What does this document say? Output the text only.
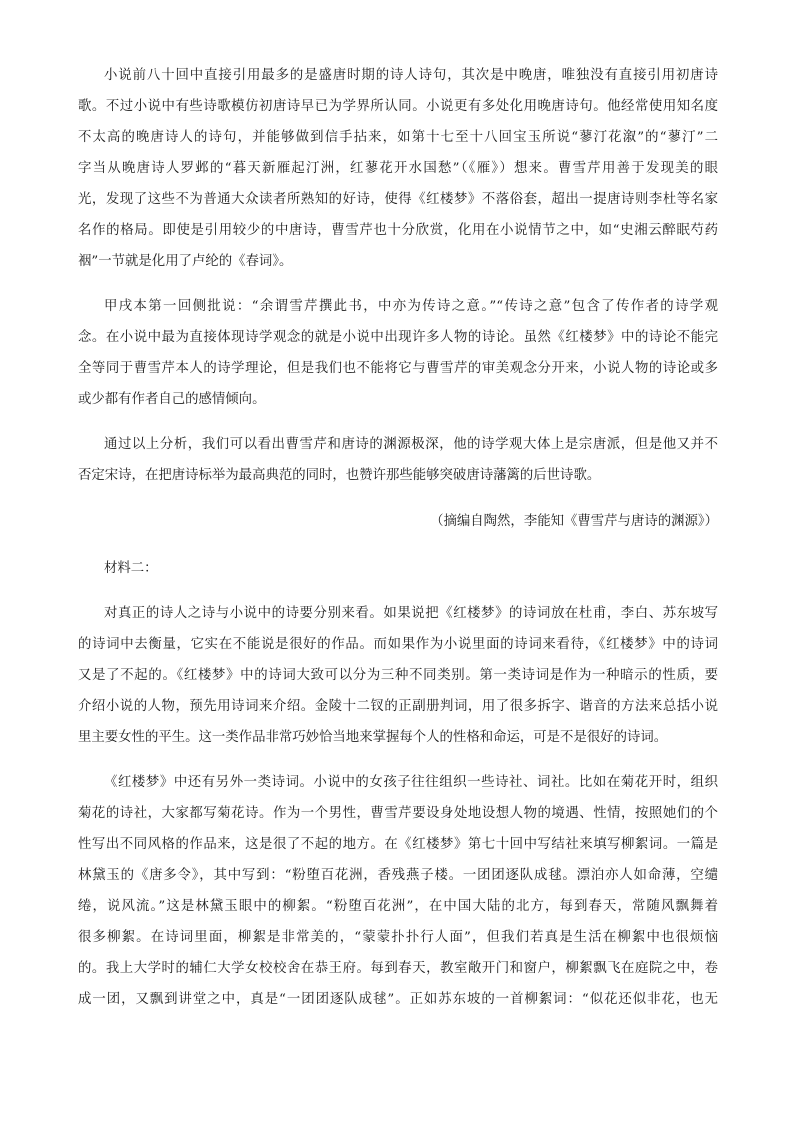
小说前八十回中直接引用最多的是盛唐时期的诗人诗句，其次是中晚唐，唯独没有直接引用初唐诗
歌。不过小说中有些诗歌模仿初唐诗早已为学界所认同。小说更有多处化用晚唐诗句。他经常使用知名度
不太高的晚唐诗人的诗句，并能够做到信手拈来，如第十七至十八回宝玉所说“蓼汀花溆”的“蓼汀”二
字当从晚唐诗人罗邺的“暮天新雁起汀洲，红蓼花开水国愁”（《雁》）想来。曹雪芹用善于发现美的眼
光，发现了这些不为普通大众读者所熟知的好诗，使得《红楼梦》不落俗套，超出一提唐诗则李杜等名家
名作的格局。即使是引用较少的中唐诗，曹雪芹也十分欣赏，化用在小说情节之中，如“史湘云醉眠芍药
裀”一节就是化用了卢纶的《春词》。
甲戌本第一回侧批说：“余谓雪芹撰此书，中亦为传诗之意。”“传诗之意”包含了传作者的诗学观
念。在小说中最为直接体现诗学观念的就是小说中出现许多人物的诗论。虽然《红楼梦》中的诗论不能完
全等同于曹雪芹本人的诗学理论，但是我们也不能将它与曹雪芹的审美观念分开来，小说人物的诗论或多
或少都有作者自己的感情倾向。
通过以上分析，我们可以看出曹雪芹和唐诗的渊源极深，他的诗学观大体上是宗唐派，但是他又并不
否定宋诗，在把唐诗标举为最高典范的同时，也赞许那些能够突破唐诗藩篱的后世诗歌。
（摘编自陶然，李能知《曹雪芹与唐诗的渊源》）
材料二：
对真正的诗人之诗与小说中的诗要分别来看。如果说把《红楼梦》的诗词放在杜甫，李白、苏东坡写
的诗词中去衡量，它实在不能说是很好的作品。而如果作为小说里面的诗词来看待，《红楼梦》中的诗词
又是了不起的。《红楼梦》中的诗词大致可以分为三种不同类别。第一类诗词是作为一种暗示的性质，要
介绍小说的人物，预先用诗词来介绍。金陵十二钗的正副册判词，用了很多拆字、谐音的方法来总括小说
里主要女性的平生。这一类作品非常巧妙恰当地来掌握每个人的性格和命运，可是不是很好的诗词。
《红楼梦》中还有另外一类诗词。小说中的女孩子往往组织一些诗社、词社。比如在菊花开时，组织
菊花的诗社，大家都写菊花诗。作为一个男性，曹雪芹要设身处地设想人物的境遇、性情，按照她们的个
性写出不同风格的作品来，这是很了不起的地方。在《红楼梦》第七十回中写结社来填写柳絮词。一篇是
林黛玉的《唐多令》，其中写到：“粉堕百花洲，香残燕子楼。一团团逐队成毬。漂泊亦人如命薄，空缱
绻，说风流。”这是林黛玉眼中的柳絮。“粉堕百花洲”，在中国大陆的北方，每到春天，常随风飘舞着
很多柳絮。在诗词里面，柳絮是非常美的，“蒙蒙扑扑行人面”，但我们若真是生活在柳絮中也很烦恼
的。我上大学时的辅仁大学女校校舍在恭王府。每到春天，教室敞开门和窗户，柳絮飘飞在庭院之中，卷
成一团，又飘到讲堂之中，真是“一团团逐队成毬”。正如苏东坡的一首柳絮词：“似花还似非花，也无
